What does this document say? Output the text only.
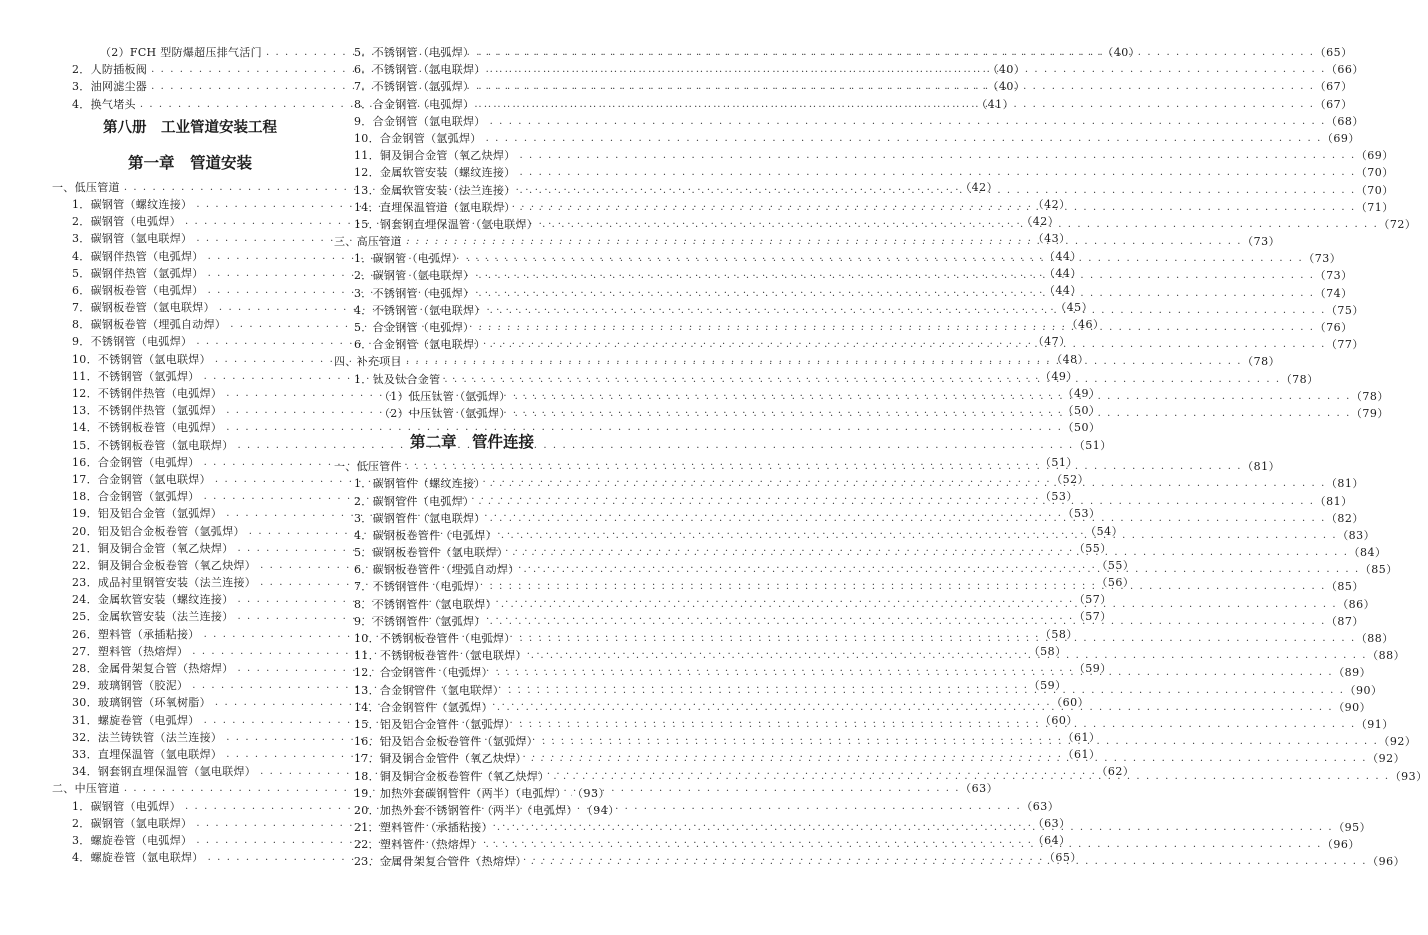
（2）FCH 型防爆超压排气活门 . . .	（40）
2．人防插板阀 . . .	（40）
3．油网滤尘器 . . .	（40）
4．换气堵头 . . .	（41）
第八册　工业管道安装工程
第一章　管道安装
一、低压管道 . . .	（42）
1．碳钢管（螺纹连接） . . .	（42）
2．碳钢管（电弧焊） . . .	（42）
3．碳钢管（氩电联焊） . . .	（43）
4．碳钢伴热管（电弧焊） . . .	（44）
5．碳钢伴热管（氩弧焊） . . .	（44）
6．碳钢板卷管（电弧焊） . . .	（44）
7．碳钢板卷管（氩电联焊） . . .	（45）
8．碳钢板卷管（埋弧自动焊） . . .	（46）
9．不锈钢管（电弧焊） . . .	（47）
10．不锈钢管（氩电联焊） . . .	（48）
11．不锈钢管（氩弧焊） . . .	（49）
12．不锈钢伴热管（电弧焊） . . .	（49）
13．不锈钢伴热管（氩弧焊） . . .	（50）
14．不锈钢板卷管（电弧焊） . . .	（50）
15．不锈钢板卷管（氩电联焊） . . .	（51）
16．合金钢管（电弧焊） . . .	（51）
17．合金钢管（氩电联焊） . . .	（52）
18．合金钢管（氩弧焊） . . .	（53）
19．铝及铝合金管（氩弧焊） . . .	（53）
20．铝及铝合金板卷管（氩弧焊） . . .	（54）
21．铜及铜合金管（氧乙炔焊） . . .	（55）
22．铜及铜合金板卷管（氧乙炔焊） . . .	（55）
23．成品衬里钢管安装（法兰连接） . . .	（56）
24．金属软管安装（螺纹连接） . . .	（57）
25．金属软管安装（法兰连接） . . .	（57）
26．塑料管（承插粘接） . . .	（58）
27．塑料管（热熔焊） . . .	（58）
28．金属骨架复合管（热熔焊） . . .	（59）
29．玻璃钢管（胶泥） . . .	（59）
30．玻璃钢管（环氧树脂） . . .	（60）
31．螺旋卷管（电弧焊） . . .	（60）
32．法兰铸铁管（法兰连接） . . .	（61）
33．直埋保温管（氩电联焊） . . .	（61）
34．钢套钢直埋保温管（氩电联焊） . . .	（62）
二、中压管道 . . .	（63）
1．碳钢管（电弧焊） . . .	（63）
2．碳钢管（氩电联焊） . . .	（63）
3．螺旋卷管（电弧焊） . . .	（64）
4．螺旋卷管（氩电联焊） . . .	（65）
5．不锈钢管（电弧焊） . . .	（65）
6．不锈钢管（氩电联焊） . . .	（66）
7．不锈钢管（氩弧焊） . . .	（67）
8．合金钢管（电弧焊） . . .	（67）
9．合金钢管（氩电联焊） . . .	（68）
10．合金钢管（氩弧焊） . . .	（69）
11．铜及铜合金管（氧乙炔焊） . . .	（69）
12．金属软管安装（螺纹连接） . . .	（70）
13．金属软管安装（法兰连接） . . .	（70）
14．直埋保温管道（氩电联焊） . . .	（71）
15．钢套钢直埋保温管（氩电联焊） . . .	（72）
三、高压管道 . . .	（73）
1．碳钢管（电弧焊） . . .	（73）
2．碳钢管（氩电联焊） . . .	（73）
3．不锈钢管（电弧焊） . . .	（74）
4．不锈钢管（氩电联焊） . . .	（75）
5．合金钢管（电弧焊） . . .	（76）
6．合金钢管（氩电联焊） . . .	（77）
四、补充项目 . . .	（78）
1．钛及钛合金管 . . .	（78）
（1）低压钛管（氩弧焊） . . .	（78）
（2）中压钛管（氩弧焊） . . .	（79）
第二章　管件连接
一、低压管件 . . .	（81）
1．碳钢管件（螺纹连接） . . .	（81）
2．碳钢管件（电弧焊） . . .	（81）
3．碳钢管件（氩电联焊） . . .	（82）
4．碳钢板卷管件（电弧焊） . . .	（83）
5．碳钢板卷管件（氩电联焊） . . .	（84）
6．碳钢板卷管件（埋弧自动焊） . . .	（85）
7．不锈钢管件（电弧焊） . . .	（85）
8．不锈钢管件（氩电联焊） . . .	（86）
9．不锈钢管件（氩弧焊） . . .	（87）
10．不锈钢板卷管件（电弧焊） . . .	（88）
11．不锈钢板卷管件（氩电联焊） . . .	（88）
12．合金钢管件（电弧焊） . . .	（89）
13．合金钢管件（氩电联焊） . . .	（90）
14．合金钢管件（氩弧焊） . . .	（90）
15．铝及铝合金管件（氩弧焊） . . .	（91）
16．铝及铝合金板卷管件（氩弧焊） . . .	（92）
17．铜及铜合金管件（氧乙炔焊） . . .	（92）
18．铜及铜合金板卷管件（氧乙炔焊） . . .	（93）
19．加热外套碳钢管件（两半）（电弧焊） . . . （93）
20．加热外套不锈钢管件（两半）（电弧焊） （94）
21．塑料管件（承插粘接） . . .	（95）
22．塑料管件（热熔焊） . . .	（96）
23．金属骨架复合管件（热熔焊） . . .	（96）
